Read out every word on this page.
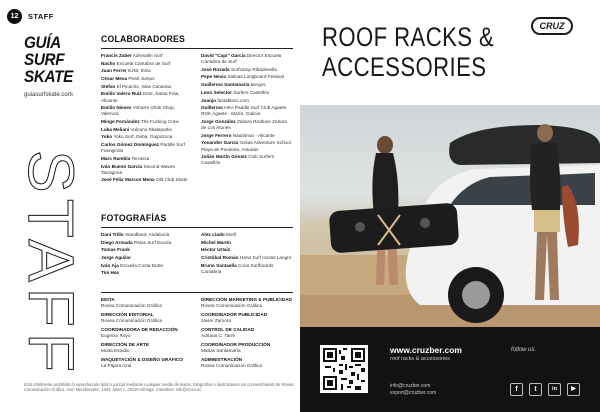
12	STAFF
GUÍA
SURF
SKATE
guiasurfskate.com
STAFF
COLABORADORES
Francis Zaber Adrenalin Surf
Nacho Escuela Cantabra de Surf
Juan Ferrer Ezkit, Ibiza
César Mesa Pearl Jumps
Stefan El Picacho, Islas Canarias
Emilio Valero Ruiz Eme, Santa Pola, Alicante
Emilio Nieves Voharre Glide Shop, Valencia
Mingo Fernández The Fucking Crew
Luka Meliani Vulcano Skateparks
Yoko Yoko Surf, Deba, Guipúzcoa
Carlos Gómez Domínguez Paddle Surf Fuengirola
Marc Rambla Terrassa
Iván Bueno García Second Waves Tarragona
José Félix Marcos Mena Old Club Skate
David "Capi" García Director Escuela Cántabra de Surf
José Rozada Surfcamp Ribadesella
Pepe Nevia Salinas Longboard Festival
Guillermo Santamaría Burgos
Leon Selector Surfers Castellón
Juanjo fastablanc.com
Guillermo HKA Paddle Surf Club Agaete ROK Agaete - Marín, Galicia
Jorge González Zahara Redtune Zahara de Los Atunes
Jorge Ferrero Nautismar - Alicante
Yonander García Oxkas Adventure School Playa de Poniente, Asturias
Julián Martín Gómez Club Surfers Castellón
FOTOGRAFÍAS
Dani Trillo Standland, Andalucía
Diego Armada Patas Surf Escola
Tomas Frank
Jorge Aguilar
Iván Aja Escuela Costa Norte
Tim Has
Alex Llado Murfi
Michel Martín
Héctor Urtaiz
Cristóbal Román Hand Surf Hostel Langre
Bruno Santaella Coon Surfboards Cantabria
EDITA
Rosea Comunicación Gráfica
DIRECCIÓN EDITORIAL
Rosea Comunicación Gráfica
COORDINADORA DE REDACCIÓN
Eugenio Royo
DIRECCIÓN DE ARTE
Mutta Estudio
MAQUETACIÓN & DISEÑO GRÁFICO
La Pajara Azul
DIRECCIÓN MARKETING & PUBLICIDAD
Rosea Comunicación Gráfica
COORDINADOR PUBLICIDAD
Javier Zamora
CONTROL DE CALIDAD
Adriana C. Tarré
COORDINADOR PRODUCCIÓN
Matías Santamaría
ADMINISTRACIÓN
Rosea Comunicación Gráfica
Está totalmente prohibida la reproducción total o parcial mediante cualquier medio de textos, fotografías o ilustraciones sin consentimiento de Rosea Comunicación Gráfica. Avd. Meridionales, 1304, Nivel 1, 29120 Almoga, Cantabria. info@rcrsa.es
ROOF RACKS &
ACCESSORIES
CRUZ
www.cruzber.com
roof racks & accessories
follow us.
info@cruzber.com
export@cruzber.com	f	t	in	▶
